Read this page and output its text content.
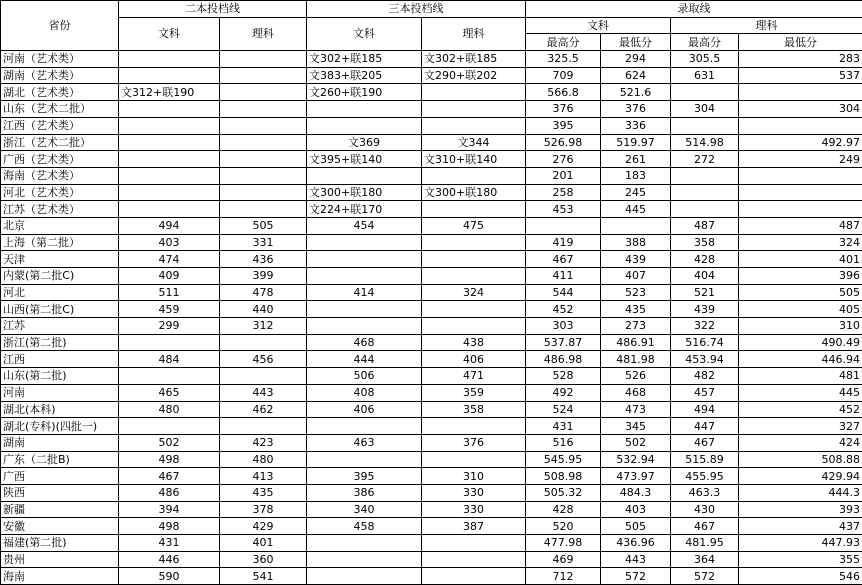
省份	二本投档线		三本投档线		录取线			
	文科	理科	文科	理科	文科		理科	
					最高分	最低分	最高分	最低分
河南（艺术类）			文302+联185	文302+联185	325.5	294	305.5	283
湖南（艺术类）			文383+联205	文290+联202	709	624	631	537
湖北（艺术类）	文312+联190		文260+联190		566.8	521.6		
山东（艺术二批）					376	376	304	304
江西（艺术类）					395	336		
浙江（艺术二批）			文369	文344	526.98	519.97	514.98	492.97
广西（艺术类）			文395+联140	文310+联140	276	261	272	249
海南（艺术类）					201	183		
河北（艺术类）			文300+联180	文300+联180	258	245		
江苏（艺术类）			文224+联170		453	445		
北京	494	505	454	475			487	487
上海（第二批）	403	331			419	388	358	324
天津	474	436			467	439	428	401
内蒙(第二批C)	409	399			411	407	404	396
河北	511	478	414	324	544	523	521	505
山西(第二批C)	459	440			452	435	439	405
江苏	299	312			303	273	322	310
浙江(第二批)			468	438	537.87	486.91	516.74	490.49
江西	484	456	444	406	486.98	481.98	453.94	446.94
山东(第二批)			506	471	528	526	482	481
河南	465	443	408	359	492	468	457	445
湖北(本科)	480	462	406	358	524	473	494	452
湖北(专科)(四批一)					431	345	447	327
湖南	502	423	463	376	516	502	467	424
广东（二批B)	498	480			545.95	532.94	515.89	508.88
广西	467	413	395	310	508.98	473.97	455.95	429.94
陕西	486	435	386	330	505.32	484.3	463.3	444.3
新疆	394	378	340	330	428	403	430	393
安徽	498	429	458	387	520	505	467	437
福建(第二批)	431	401			477.98	436.96	481.95	447.93
贵州	446	360			469	443	364	355
海南	590	541			712	572	572	546
